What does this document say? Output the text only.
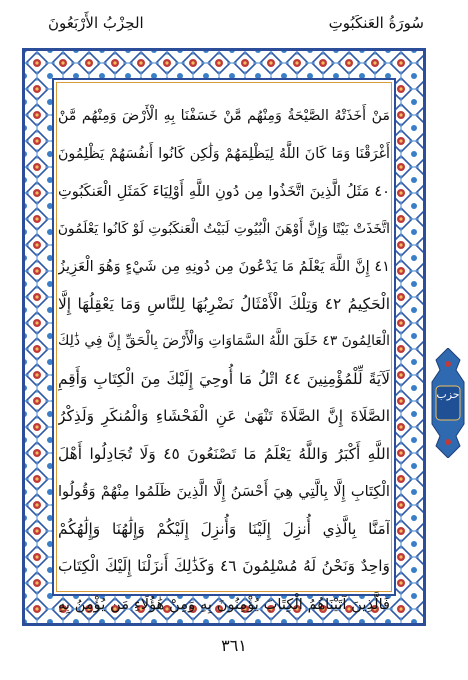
الحِزْبُ الأَرْبَعُونَ	سُورَةُ العَنكَبُوتِ
مَنْ أَخَذَتْهُ الصَّيْحَةُ وَمِنْهُم مَّنْ خَسَفْنَا بِهِ الْأَرْضَ وَمِنْهُم مَّنْ
أَغْرَقْنَا وَمَا كَانَ اللَّهُ لِيَظْلِمَهُمْ وَلَٰكِن كَانُوا أَنفُسَهُمْ يَظْلِمُونَ
٤٠ مَثَلُ الَّذِينَ اتَّخَذُوا مِن دُونِ اللَّهِ أَوْلِيَاءَ كَمَثَلِ الْعَنكَبُوتِ
اتَّخَذَتْ بَيْتًا وَإِنَّ أَوْهَنَ الْبُيُوتِ لَبَيْتُ الْعَنكَبُوتِ لَوْ كَانُوا يَعْلَمُونَ
٤١ إِنَّ اللَّهَ يَعْلَمُ مَا يَدْعُونَ مِن دُونِهِ مِن شَيْءٍ وَهُوَ الْعَزِيزُ
الْحَكِيمُ ٤٢ وَتِلْكَ الْأَمْثَالُ نَضْرِبُهَا لِلنَّاسِ وَمَا يَعْقِلُهَا إِلَّا
الْعَالِمُونَ ٤٣ خَلَقَ اللَّهُ السَّمَاوَاتِ وَالْأَرْضَ بِالْحَقِّ إِنَّ فِي ذَٰلِكَ
لَآيَةً لِّلْمُؤْمِنِينَ ٤٤ اتْلُ مَا أُوحِيَ إِلَيْكَ مِنَ الْكِتَابِ وَأَقِمِ
الصَّلَاةَ إِنَّ الصَّلَاةَ تَنْهَىٰ عَنِ الْفَحْشَاءِ وَالْمُنكَرِ وَلَذِكْرُ
اللَّهِ أَكْبَرُ وَاللَّهُ يَعْلَمُ مَا تَصْنَعُونَ ٤٥ وَلَا تُجَادِلُوا أَهْلَ
الْكِتَابِ إِلَّا بِالَّتِي هِيَ أَحْسَنُ إِلَّا الَّذِينَ ظَلَمُوا مِنْهُمْ وَقُولُوا
آمَنَّا بِالَّذِي أُنزِلَ إِلَيْنَا وَأُنزِلَ إِلَيْكُمْ وَإِلَٰهُنَا وَإِلَٰهُكُمْ
وَاحِدٌ وَنَحْنُ لَهُ مُسْلِمُونَ ٤٦ وَكَذَٰلِكَ أَنزَلْنَا إِلَيْكَ الْكِتَابَ
فَالَّذِينَ آتَيْنَاهُمُ الْكِتَابَ يُؤْمِنُونَ بِهِ وَمِنْ هَٰؤُلَاءِ مَن يُؤْمِنُ بِهِ
حزب
٣٦١
